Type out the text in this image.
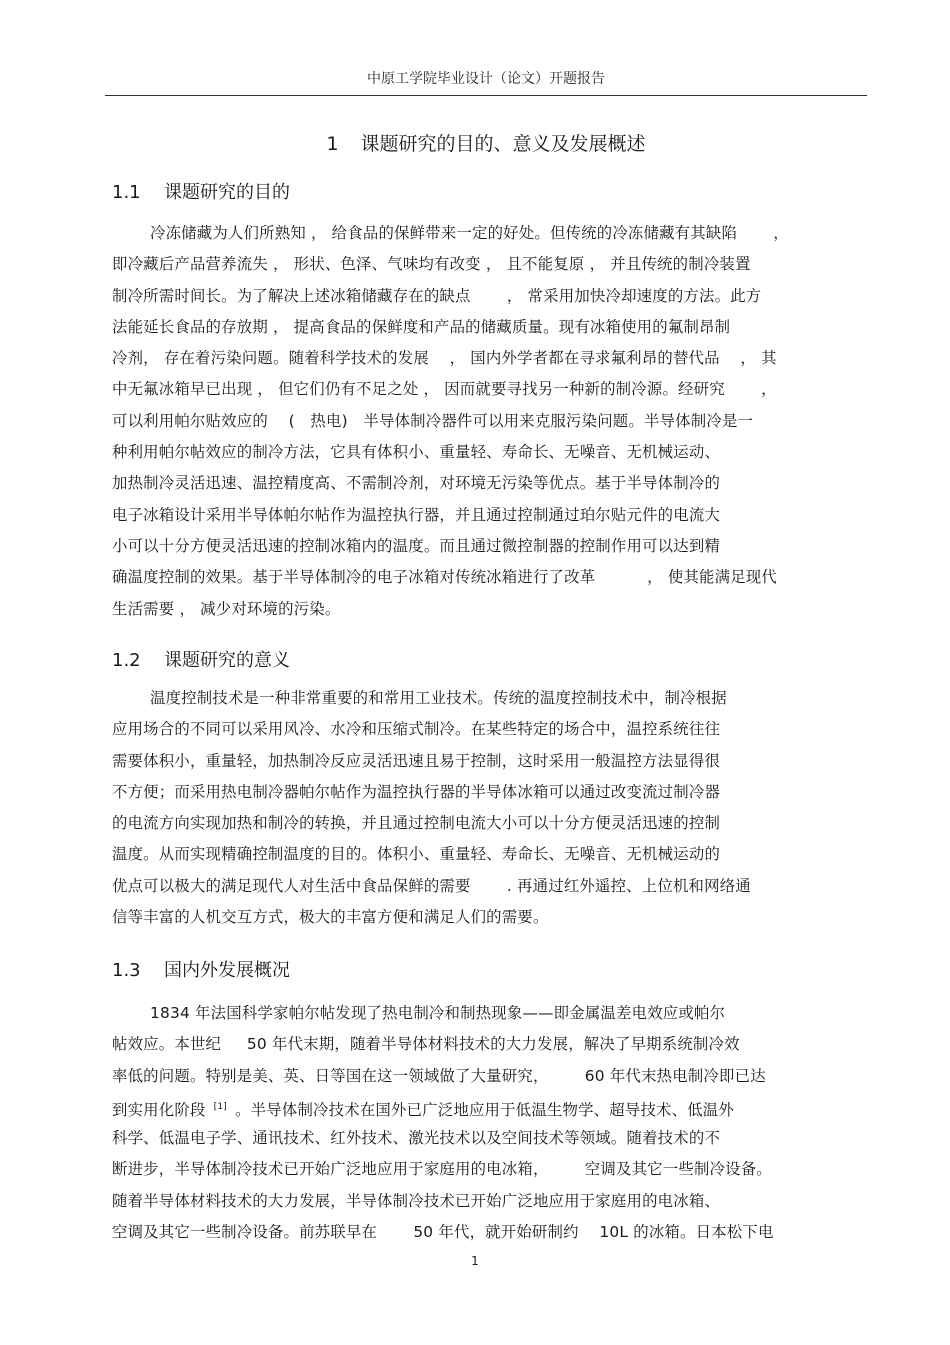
中原工学院毕业设计（论文）开题报告
1 课题研究的目的、意义及发展概述
1.1 课题研究的目的
冷冻储藏为人们所熟知 ， 给食品的保鲜带来一定的好处。但传统的冷冻储藏有其缺陷 　　，
即冷藏后产品营养流失 ， 形状、色泽、气味均有改变 ， 且不能复原 ， 并且传统的制冷装置
制冷所需时间长。为了解决上述冰箱储藏存在的缺点 　　， 常采用加快冷却速度的方法。此方
法能延长食品的存放期 ， 提高食品的保鲜度和产品的储藏质量。现有冰箱使用的氟制昂制
冷剂， 存在着污染问题。随着科学技术的发展 　， 国内外学者都在寻求氟利昂的替代品 　， 其
中无氟冰箱早已出现 ， 但它们仍有不足之处 ， 因而就要寻找另一种新的制冷源。经研究 　　，
可以利用帕尔贴效应的 　(　热电)　半导体制冷器件可以用来克服污染问题。半导体制冷是一
种利用帕尔帖效应的制冷方法，它具有体积小、重量轻、寿命长、无噪音、无机械运动、
加热制冷灵活迅速、温控精度高、不需制冷剂，对环境无污染等优点。基于半导体制冷的
电子冰箱设计采用半导体帕尔帖作为温控执行器，并且通过控制通过珀尔贴元件的电流大
小可以十分方便灵活迅速的控制冰箱内的温度。而且通过微控制器的控制作用可以达到精
确温度控制的效果。基于半导体制冷的电子冰箱对传统冰箱进行了改革 　　　， 使其能满足现代
生活需要 ， 减少对环境的污染。
1.2 课题研究的意义
温度控制技术是一种非常重要的和常用工业技术。传统的温度控制技术中，制冷根据
应用场合的不同可以采用风冷、水冷和压缩式制冷。在某些特定的场合中，温控系统往往
需要体积小，重量轻，加热制冷反应灵活迅速且易于控制，这时采用一般温控方法显得很
不方便；而采用热电制冷器帕尔帖作为温控执行器的半导体冰箱可以通过改变流过制冷器
的电流方向实现加热和制冷的转换，并且通过控制电流大小可以十分方便灵活迅速的控制
温度。从而实现精确控制温度的目的。体积小、重量轻、寿命长、无噪音、无机械运动的
优点可以极大的满足现代人对生活中食品保鲜的需要 　　. 再通过红外遥控、上位机和网络通
信等丰富的人机交互方式，极大的丰富方便和满足人们的需要。
1.3 国内外发展概况
1834 年法国科学家帕尔帖发现了热电制冷和制热现象——即金属温差电效应或帕尔
帖效应。本世纪 　 50 年代末期，随着半导体材料技术的大力发展，解决了早期系统制冷效
率低的问题。特别是美、英、日等国在这一领域做了大量研究， 　　60 年代末热电制冷即已达
到实用化阶段 [1] 。半导体制冷技术在国外已广泛地应用于低温生物学、超导技术、低温外
科学、低温电子学、通讯技术、红外技术、激光技术以及空间技术等领域。随着技术的不
断进步，半导体制冷技术已开始广泛地应用于家庭用的电冰箱， 　　空调及其它一些制冷设备。
随着半导体材料技术的大力发展，半导体制冷技术已开始广泛地应用于家庭用的电冰箱、
空调及其它一些制冷设备。前苏联早在 　　50 年代，就开始研制约 　10L 的冰箱。日本松下电
1
